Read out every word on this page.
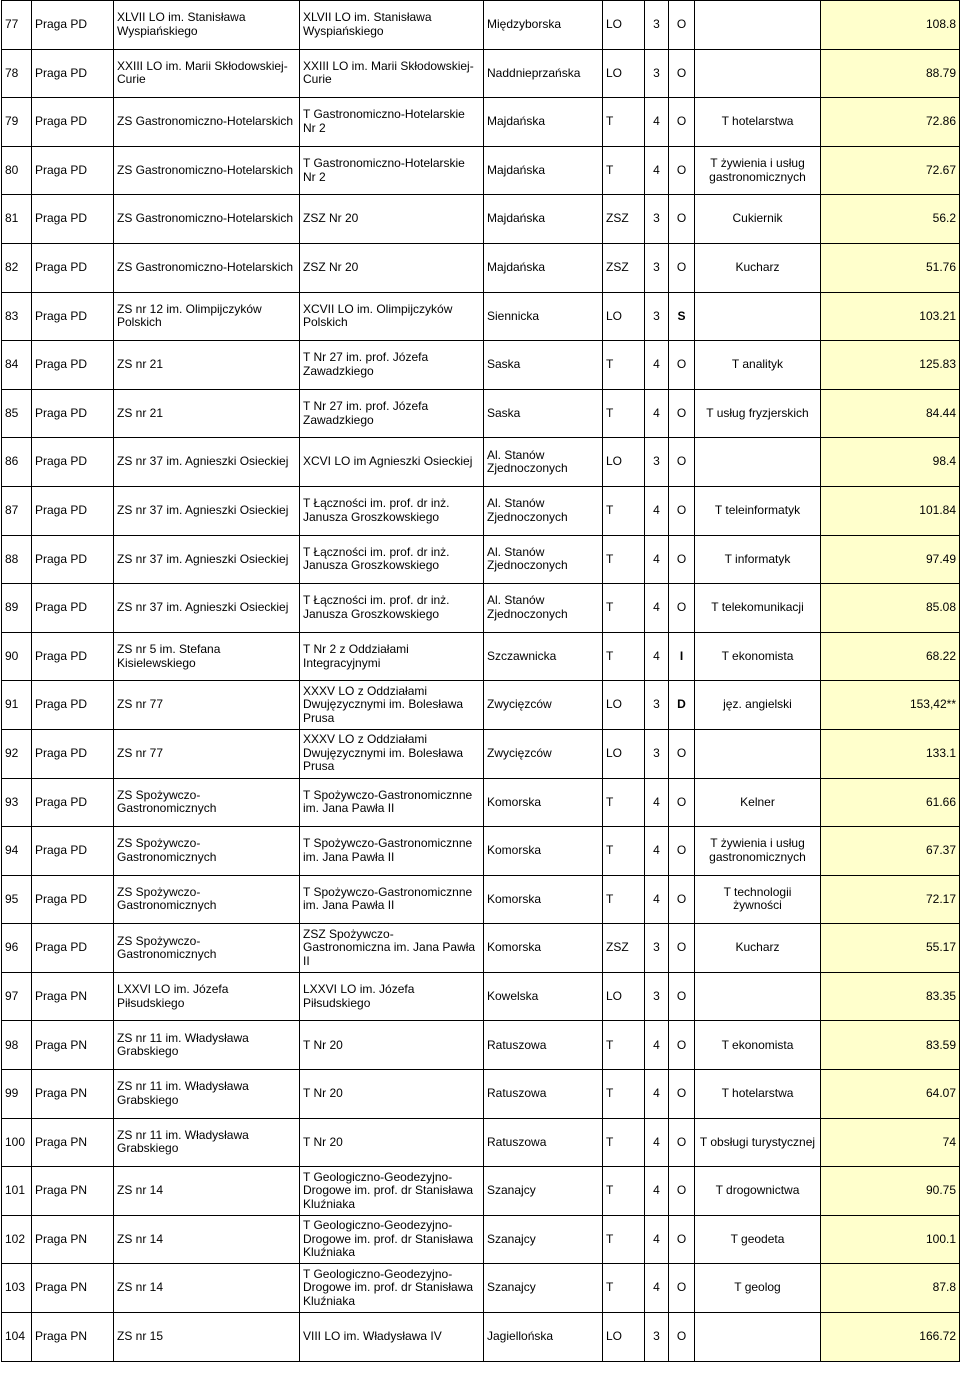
77	Praga PD	XLVII LO im. Stanisława Wyspiańskiego	XLVII LO im. Stanisława Wyspiańskiego	Międzyborska	LO	3	O		108.8
78	Praga PD	XXIII LO im. Marii Skłodowskiej-Curie	XXIII LO im. Marii Skłodowskiej-Curie	Naddnieprzańska	LO	3	O		88.79
79	Praga PD	ZS Gastronomiczno-Hotelarskich	T Gastronomiczno-Hotelarskie Nr 2	Majdańska	T	4	O	T hotelarstwa	72.86
80	Praga PD	ZS Gastronomiczno-Hotelarskich	T Gastronomiczno-Hotelarskie Nr 2	Majdańska	T	4	O	T żywienia i usług gastronomicznych	72.67
81	Praga PD	ZS Gastronomiczno-Hotelarskich	ZSZ Nr 20	Majdańska	ZSZ	3	O	Cukiernik	56.2
82	Praga PD	ZS Gastronomiczno-Hotelarskich	ZSZ Nr 20	Majdańska	ZSZ	3	O	Kucharz	51.76
83	Praga PD	ZS nr 12 im. Olimpijczyków Polskich	XCVII LO im. Olimpijczyków Polskich	Siennicka	LO	3	S		103.21
84	Praga PD	ZS nr 21	T Nr 27 im. prof. Józefa Zawadzkiego	Saska	T	4	O	T analityk	125.83
85	Praga PD	ZS nr 21	T Nr 27 im. prof. Józefa Zawadzkiego	Saska	T	4	O	T usług fryzjerskich	84.44
86	Praga PD	ZS nr 37 im. Agnieszki Osieckiej	XCVI LO im Agnieszki Osieckiej	Al. Stanów Zjednoczonych	LO	3	O		98.4
87	Praga PD	ZS nr 37 im. Agnieszki Osieckiej	T Łączności im. prof. dr inż. Janusza Groszkowskiego	Al. Stanów Zjednoczonych	T	4	O	T teleinformatyk	101.84
88	Praga PD	ZS nr 37 im. Agnieszki Osieckiej	T Łączności im. prof. dr inż. Janusza Groszkowskiego	Al. Stanów Zjednoczonych	T	4	O	T informatyk	97.49
89	Praga PD	ZS nr 37 im. Agnieszki Osieckiej	T Łączności im. prof. dr inż. Janusza Groszkowskiego	Al. Stanów Zjednoczonych	T	4	O	T telekomunikacji	85.08
90	Praga PD	ZS nr 5 im. Stefana Kisielewskiego	T Nr 2 z Oddziałami Integracyjnymi	Szczawnicka	T	4	I	T ekonomista	68.22
91	Praga PD	ZS nr 77	XXXV LO z Oddziałami Dwujęzycznymi im. Bolesława Prusa	Zwycięzców	LO	3	D	jęz. angielski	153,42**
92	Praga PD	ZS nr 77	XXXV LO z Oddziałami Dwujęzycznymi im. Bolesława Prusa	Zwycięzców	LO	3	O		133.1
93	Praga PD	ZS Spożywczo-Gastronomicznych	T Spożywczo-Gastronomicznne im. Jana Pawła II	Komorska	T	4	O	Kelner	61.66
94	Praga PD	ZS Spożywczo-Gastronomicznych	T Spożywczo-Gastronomicznne im. Jana Pawła II	Komorska	T	4	O	T żywienia i usług gastronomicznych	67.37
95	Praga PD	ZS Spożywczo-Gastronomicznych	T Spożywczo-Gastronomicznne im. Jana Pawła II	Komorska	T	4	O	T technologii żywności	72.17
96	Praga PD	ZS Spożywczo-Gastronomicznych	ZSZ Spożywczo-Gastronomiczna im. Jana Pawła II	Komorska	ZSZ	3	O	Kucharz	55.17
97	Praga PN	LXXVI LO im. Józefa Piłsudskiego	LXXVI LO im. Józefa Piłsudskiego	Kowelska	LO	3	O		83.35
98	Praga PN	ZS nr 11 im. Władysława Grabskiego	T Nr 20	Ratuszowa	T	4	O	T ekonomista	83.59
99	Praga PN	ZS nr 11 im. Władysława Grabskiego	T Nr 20	Ratuszowa	T	4	O	T hotelarstwa	64.07
100	Praga PN	ZS nr 11 im. Władysława Grabskiego	T Nr 20	Ratuszowa	T	4	O	T obsługi turystycznej	74
101	Praga PN	ZS nr 14	T Geologiczno-Geodezyjno-Drogowe im. prof. dr Stanisława Kluźniaka	Szanajcy	T	4	O	T drogownictwa	90.75
102	Praga PN	ZS nr 14	T Geologiczno-Geodezyjno-Drogowe im. prof. dr Stanisława Kluźniaka	Szanajcy	T	4	O	T geodeta	100.1
103	Praga PN	ZS nr 14	T Geologiczno-Geodezyjno-Drogowe im. prof. dr Stanisława Kluźniaka	Szanajcy	T	4	O	T geolog	87.8
104	Praga PN	ZS nr 15	VIII LO im. Władysława IV	Jagiellońska	LO	3	O		166.72
